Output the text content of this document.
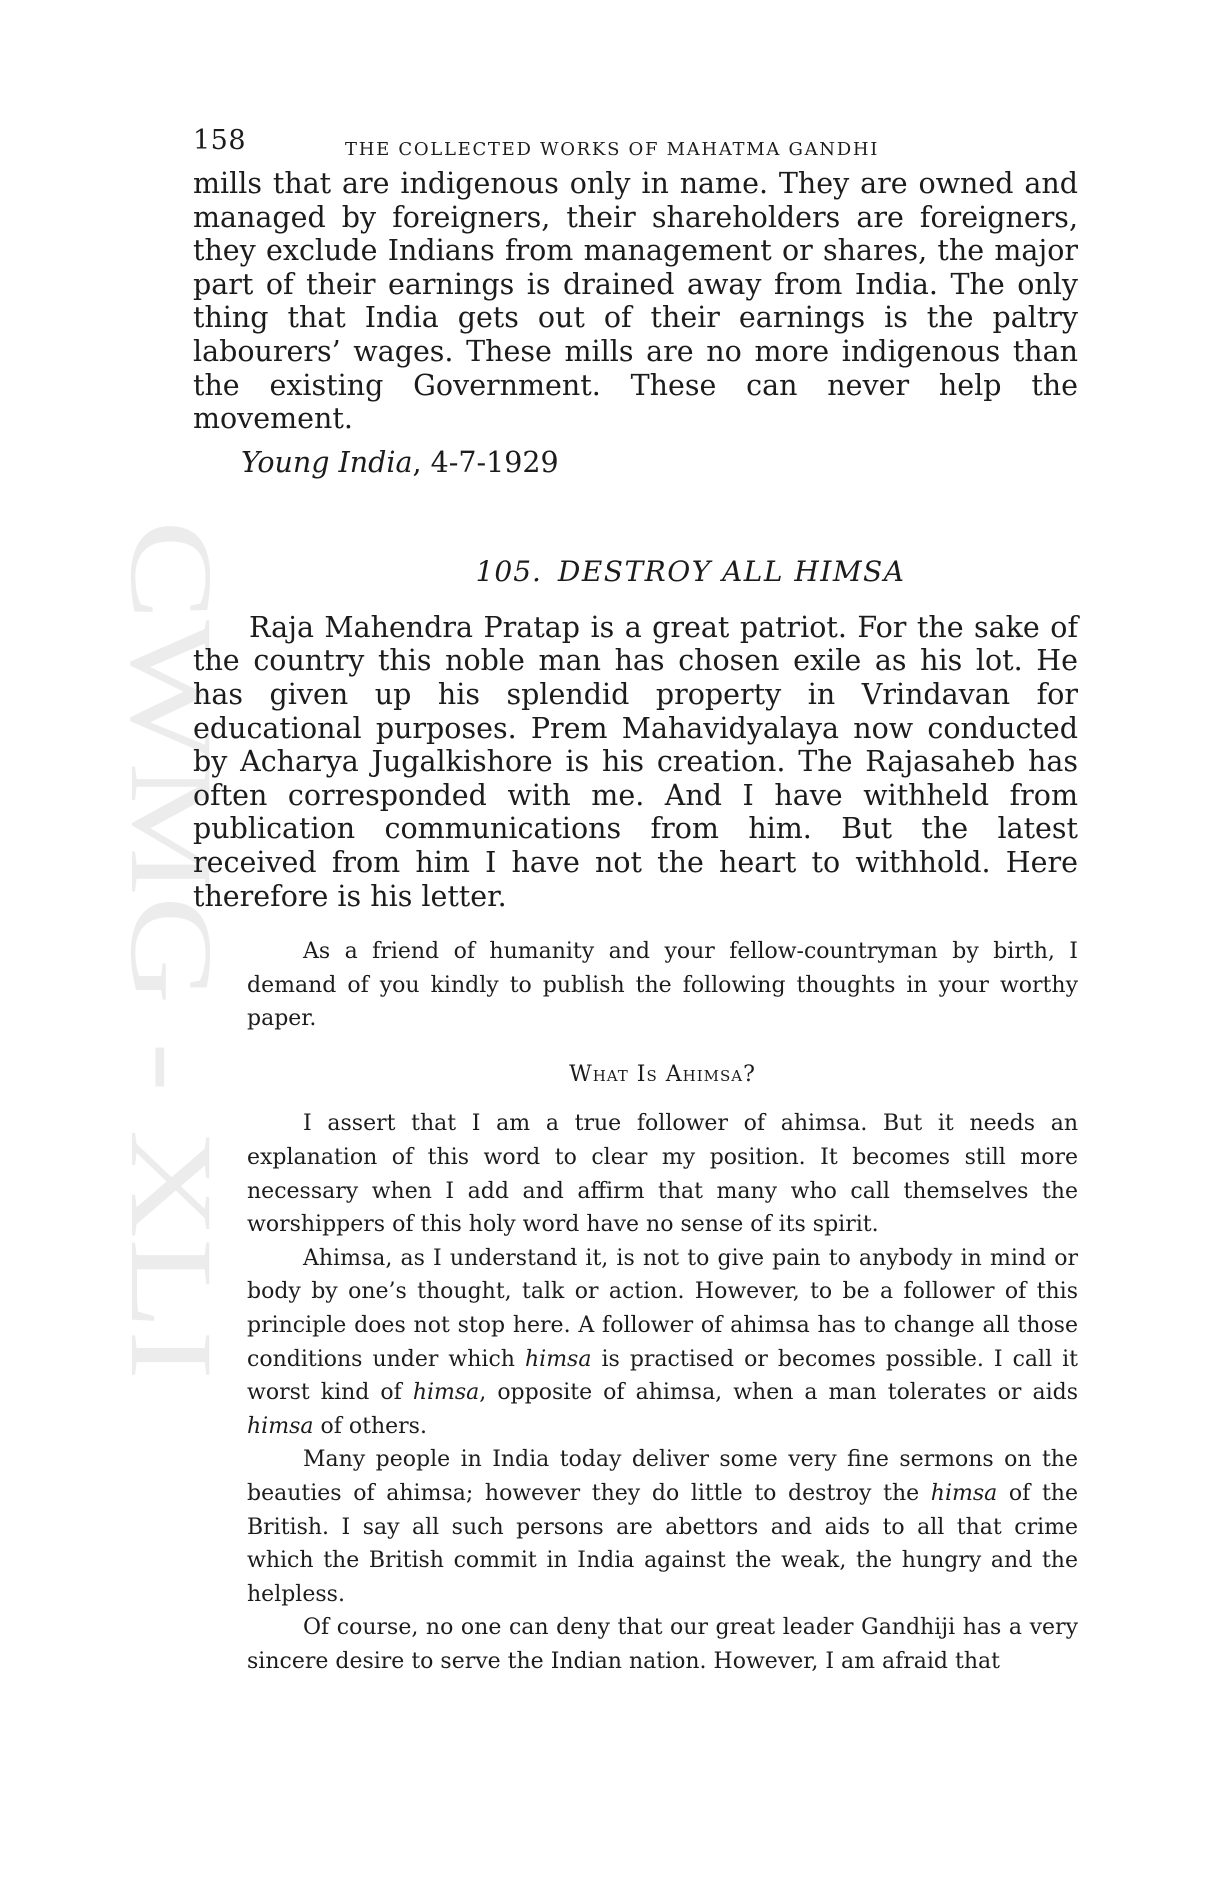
CWMG - XLI
158	THE COLLECTED WORKS OF MAHATMA GANDHI

mills that are indigenous only in name. They are owned and managed by foreigners, their shareholders are foreigners, they exclude Indians from management or shares, the major part of their earnings is drained away from India. The only thing that India gets out of their earnings is the paltry labourers’ wages. These mills are no more indigenous than the existing Government. These can never help the movement.

Young India, 4-7-1929
105. DESTROY ALL HIMSA

Raja Mahendra Pratap is a great patriot. For the sake of the country this noble man has chosen exile as his lot. He has given up his splendid property in Vrindavan for educational purposes. Prem Mahavidyalaya now conducted by Acharya Jugalkishore is his creation. The Rajasaheb has often corresponded with me. And I have withheld from publication communications from him. But the latest received from him I have not the heart to withhold. Here therefore is his letter.

As a friend of humanity and your fellow-countryman by birth, I demand of you kindly to publish the following thoughts in your worthy paper.

What Is Ahimsa?

I assert that I am a true follower of ahimsa. But it needs an explanation of this word to clear my position. It becomes still more necessary when I add and affirm that many who call themselves the worshippers of this holy word have no sense of its spirit.

Ahimsa, as I understand it, is not to give pain to anybody in mind or body by one’s thought, talk or action. However, to be a follower of this principle does not stop here. A follower of ahimsa has to change all those conditions under which himsa is practised or becomes possible. I call it worst kind of himsa, opposite of ahimsa, when a man tolerates or aids himsa of others.

Many people in India today deliver some very fine sermons on the beauties of ahimsa; however they do little to destroy the himsa of the British. I say all such persons are abettors and aids to all that crime which the British commit in India against the weak, the hungry and the helpless.

Of course, no one can deny that our great leader Gandhiji has a very sincere desire to serve the Indian nation. However, I am afraid that
